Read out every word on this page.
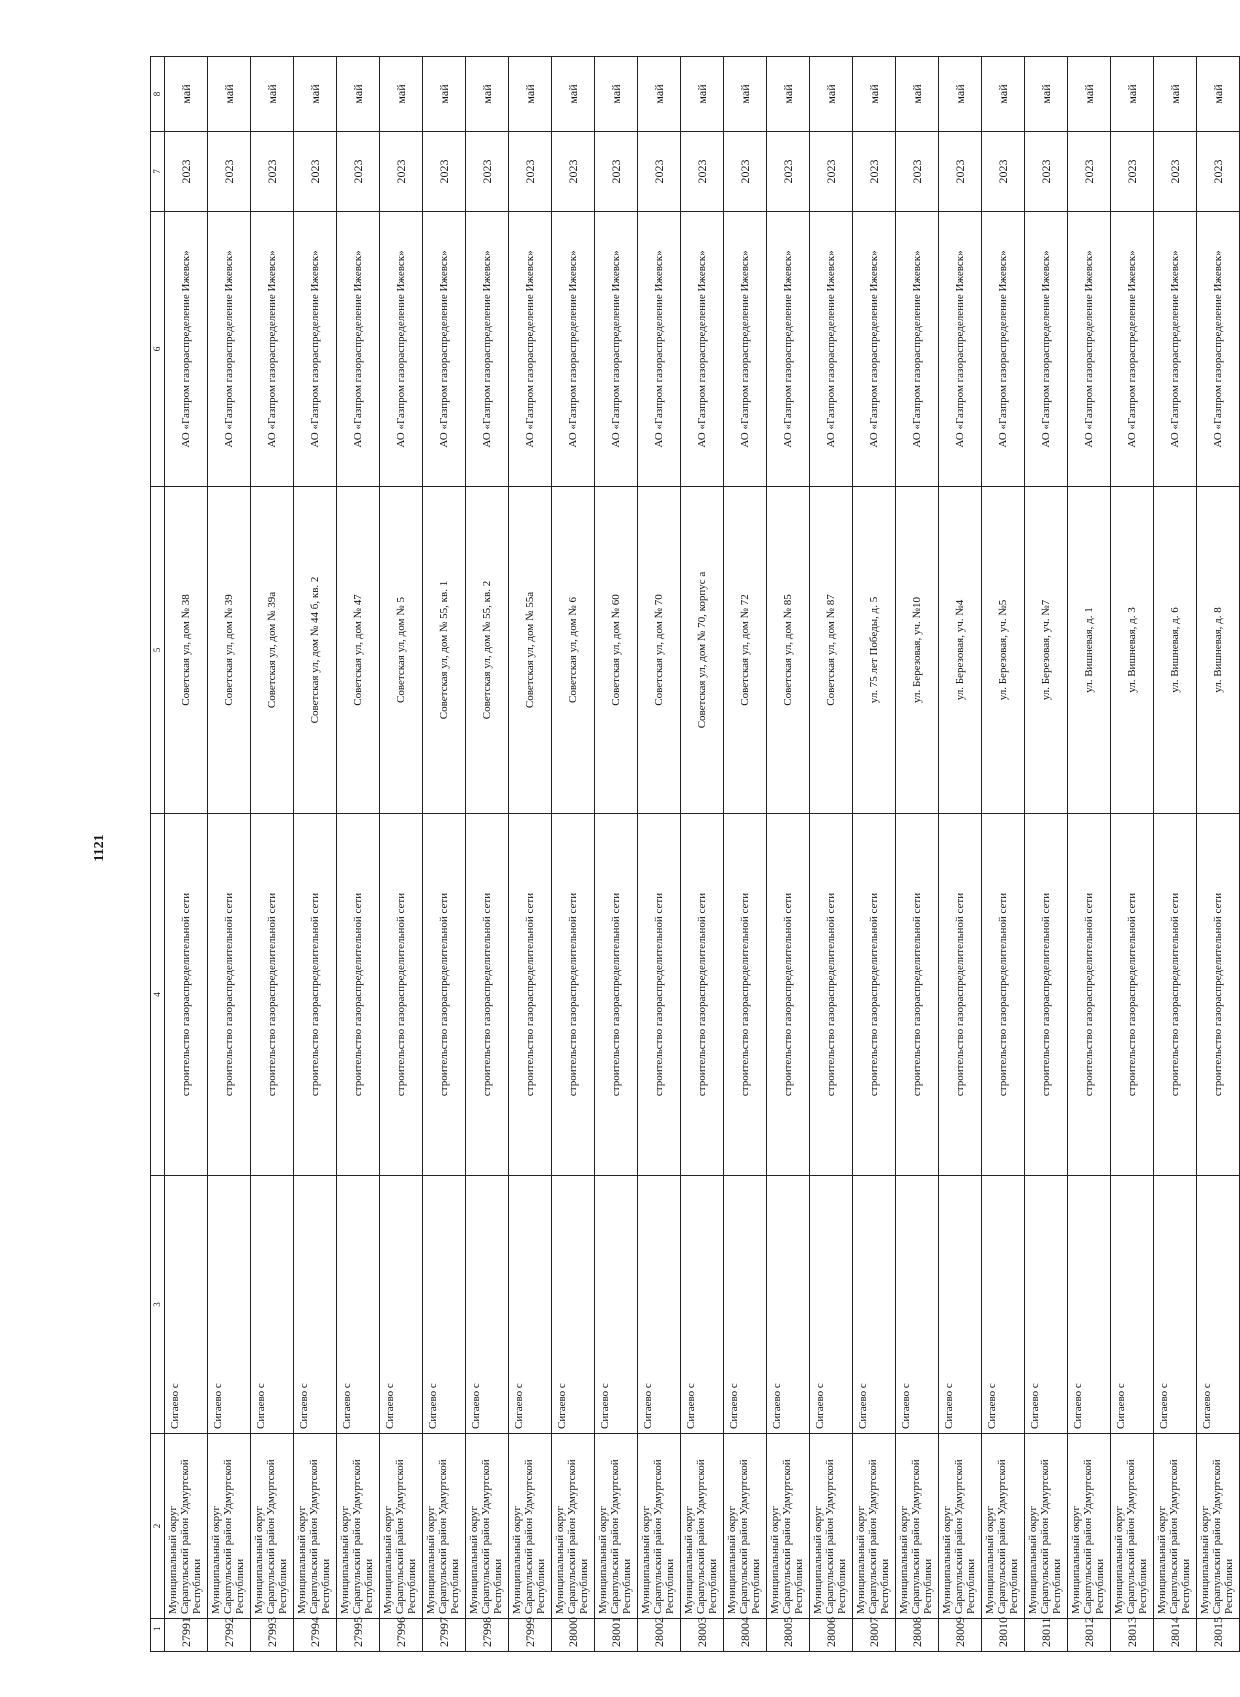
1121
1	2	3	4	5	6	7	8
27991	Муниципальный округ Сарапульский район Удмуртской Республики	Сигаево с	строительство газораспределительной сети	Советская ул, дом № 38	АО «Газпром газораспределение Ижевск»	2023	май
27992	Муниципальный округ Сарапульский район Удмуртской Республики	Сигаево с	строительство газораспределительной сети	Советская ул, дом № 39	АО «Газпром газораспределение Ижевск»	2023	май
27993	Муниципальный округ Сарапульский район Удмуртской Республики	Сигаево с	строительство газораспределительной сети	Советская ул, дом № 39а	АО «Газпром газораспределение Ижевск»	2023	май
27994	Муниципальный округ Сарапульский район Удмуртской Республики	Сигаево с	строительство газораспределительной сети	Советская ул, дом № 44 б, кв. 2	АО «Газпром газораспределение Ижевск»	2023	май
27995	Муниципальный округ Сарапульский район Удмуртской Республики	Сигаево с	строительство газораспределительной сети	Советская ул, дом № 47	АО «Газпром газораспределение Ижевск»	2023	май
27996	Муниципальный округ Сарапульский район Удмуртской Республики	Сигаево с	строительство газораспределительной сети	Советская ул, дом № 5	АО «Газпром газораспределение Ижевск»	2023	май
27997	Муниципальный округ Сарапульский район Удмуртской Республики	Сигаево с	строительство газораспределительной сети	Советская ул, дом № 55, кв. 1	АО «Газпром газораспределение Ижевск»	2023	май
27998	Муниципальный округ Сарапульский район Удмуртской Республики	Сигаево с	строительство газораспределительной сети	Советская ул, дом № 55, кв. 2	АО «Газпром газораспределение Ижевск»	2023	май
27999	Муниципальный округ Сарапульский район Удмуртской Республики	Сигаево с	строительство газораспределительной сети	Советская ул, дом № 55а	АО «Газпром газораспределение Ижевск»	2023	май
28000	Муниципальный округ Сарапульский район Удмуртской Республики	Сигаево с	строительство газораспределительной сети	Советская ул, дом № 6	АО «Газпром газораспределение Ижевск»	2023	май
28001	Муниципальный округ Сарапульский район Удмуртской Республики	Сигаево с	строительство газораспределительной сети	Советская ул, дом № 60	АО «Газпром газораспределение Ижевск»	2023	май
28002	Муниципальный округ Сарапульский район Удмуртской Республики	Сигаево с	строительство газораспределительной сети	Советская ул, дом № 70	АО «Газпром газораспределение Ижевск»	2023	май
28003	Муниципальный округ Сарапульский район Удмуртской Республики	Сигаево с	строительство газораспределительной сети	Советская ул, дом № 70, корпус а	АО «Газпром газораспределение Ижевск»	2023	май
28004	Муниципальный округ Сарапульский район Удмуртской Республики	Сигаево с	строительство газораспределительной сети	Советская ул, дом № 72	АО «Газпром газораспределение Ижевск»	2023	май
28005	Муниципальный округ Сарапульский район Удмуртской Республики	Сигаево с	строительство газораспределительной сети	Советская ул, дом № 85	АО «Газпром газораспределение Ижевск»	2023	май
28006	Муниципальный округ Сарапульский район Удмуртской Республики	Сигаево с	строительство газораспределительной сети	Советская ул, дом № 87	АО «Газпром газораспределение Ижевск»	2023	май
28007	Муниципальный округ Сарапульский район Удмуртской Республики	Сигаево с	строительство газораспределительной сети	ул. 75 лет Победы, д. 5	АО «Газпром газораспределение Ижевск»	2023	май
28008	Муниципальный округ Сарапульский район Удмуртской Республики	Сигаево с	строительство газораспределительной сети	ул. Березовая, уч. №10	АО «Газпром газораспределение Ижевск»	2023	май
28009	Муниципальный округ Сарапульский район Удмуртской Республики	Сигаево с	строительство газораспределительной сети	ул. Березовая, уч. №4	АО «Газпром газораспределение Ижевск»	2023	май
28010	Муниципальный округ Сарапульский район Удмуртской Республики	Сигаево с	строительство газораспределительной сети	ул. Березовая, уч. №5	АО «Газпром газораспределение Ижевск»	2023	май
28011	Муниципальный округ Сарапульский район Удмуртской Республики	Сигаево с	строительство газораспределительной сети	ул. Березовая, уч. №7	АО «Газпром газораспределение Ижевск»	2023	май
28012	Муниципальный округ Сарапульский район Удмуртской Республики	Сигаево с	строительство газораспределительной сети	ул. Вишневая, д. 1	АО «Газпром газораспределение Ижевск»	2023	май
28013	Муниципальный округ Сарапульский район Удмуртской Республики	Сигаево с	строительство газораспределительной сети	ул. Вишневая, д. 3	АО «Газпром газораспределение Ижевск»	2023	май
28014	Муниципальный округ Сарапульский район Удмуртской Республики	Сигаево с	строительство газораспределительной сети	ул. Вишневая, д. 6	АО «Газпром газораспределение Ижевск»	2023	май
28015	Муниципальный округ Сарапульский район Удмуртской Республики	Сигаево с	строительство газораспределительной сети	ул. Вишневая, д. 8	АО «Газпром газораспределение Ижевск»	2023	май
